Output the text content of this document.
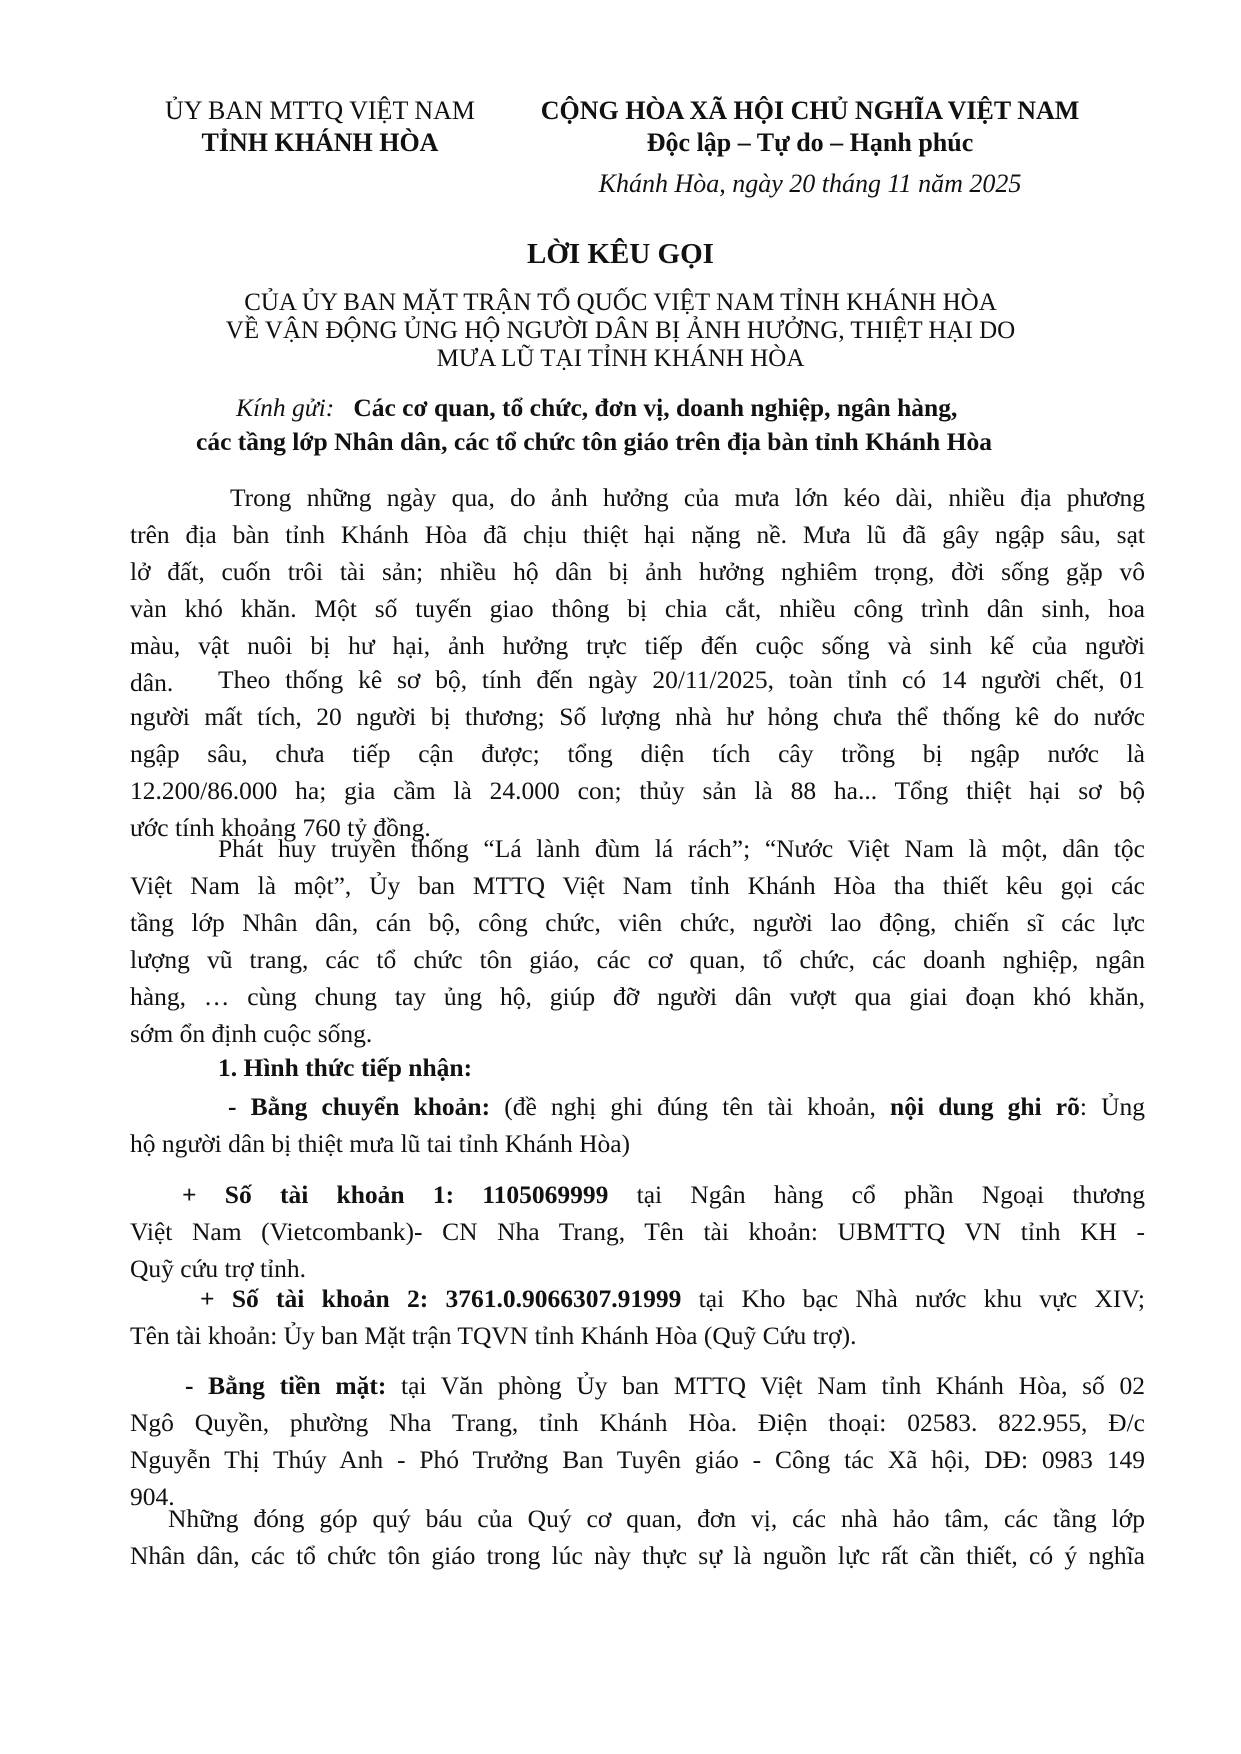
ỦY BAN MTTQ VIỆT NAM
TỈNH KHÁNH HÒA
CỘNG HÒA XÃ HỘI CHỦ NGHĨA VIỆT NAM
Độc lập – Tự do – Hạnh phúc
Khánh Hòa, ngày 20 tháng 11 năm 2025
LỜI KÊU GỌI
CỦA ỦY BAN MẶT TRẬN TỔ QUỐC VIỆT NAM TỈNH KHÁNH HÒA
VỀ VẬN ĐỘNG ỦNG HỘ NGƯỜI DÂN BỊ ẢNH HƯỞNG, THIỆT HẠI DO
MƯA LŨ TẠI TỈNH KHÁNH HÒA
Kính gửi: Các cơ quan, tổ chức, đơn vị, doanh nghiệp, ngân hàng,
các tầng lớp Nhân dân, các tổ chức tôn giáo trên địa bàn tỉnh Khánh Hòa
Trong những ngày qua, do ảnh hưởng của mưa lớn kéo dài, nhiều địa phương
trên địa bàn tỉnh Khánh Hòa đã chịu thiệt hại nặng nề. Mưa lũ đã gây ngập sâu, sạt
lở đất, cuốn trôi tài sản; nhiều hộ dân bị ảnh hưởng nghiêm trọng, đời sống gặp vô
vàn khó khăn. Một số tuyến giao thông bị chia cắt, nhiều công trình dân sinh, hoa
màu, vật nuôi bị hư hại, ảnh hưởng trực tiếp đến cuộc sống và sinh kế của người
dân.	Theo thống kê sơ bộ, tính đến ngày 20/11/2025, toàn tỉnh có 14 người chết, 01
người mất tích, 20 người bị thương; Số lượng nhà hư hỏng chưa thể thống kê do nước
ngập sâu, chưa tiếp cận được; tổng diện tích cây trồng bị ngập nước là
12.200/86.000 ha; gia cầm là 24.000 con; thủy sản là 88 ha... Tổng thiệt hại sơ bộ
ước tính khoảng 760 tỷ đồng.
Phát huy truyền thống “Lá lành đùm lá rách”; “Nước Việt Nam là một, dân tộc
Việt Nam là một”, Ủy ban MTTQ Việt Nam tỉnh Khánh Hòa tha thiết kêu gọi các
tầng lớp Nhân dân, cán bộ, công chức, viên chức, người lao động, chiến sĩ các lực
lượng vũ trang, các tổ chức tôn giáo, các cơ quan, tổ chức, các doanh nghiệp, ngân
hàng, … cùng chung tay ủng hộ, giúp đỡ người dân vượt qua giai đoạn khó khăn,
sớm ổn định cuộc sống.
1. Hình thức tiếp nhận:
- Bằng chuyển khoản: (đề nghị ghi đúng tên tài khoản, nội dung ghi rõ: Ủng
hộ người dân bị thiệt mưa lũ tai tỉnh Khánh Hòa)
+ Số tài khoản 1: 1105069999 tại Ngân hàng cổ phần Ngoại thương
Việt Nam (Vietcombank)- CN Nha Trang, Tên tài khoản: UBMTTQ VN tỉnh KH -
Quỹ cứu trợ tỉnh.
+ Số tài khoản 2: 3761.0.9066307.91999 tại Kho bạc Nhà nước khu vực XIV;
Tên tài khoản: Ủy ban Mặt trận TQVN tỉnh Khánh Hòa (Quỹ Cứu trợ).
- Bằng tiền mặt: tại Văn phòng Ủy ban MTTQ Việt Nam tỉnh Khánh Hòa, số 02
Ngô Quyền, phường Nha Trang, tỉnh Khánh Hòa. Điện thoại: 02583. 822.955, Đ/c
Nguyễn Thị Thúy Anh - Phó Trưởng Ban Tuyên giáo - Công tác Xã hội, DĐ: 0983 149
904.
Những đóng góp quý báu của Quý cơ quan, đơn vị, các nhà hảo tâm, các tầng lớp
Nhân dân, các tổ chức tôn giáo trong lúc này thực sự là nguồn lực rất cần thiết, có ý nghĩa
